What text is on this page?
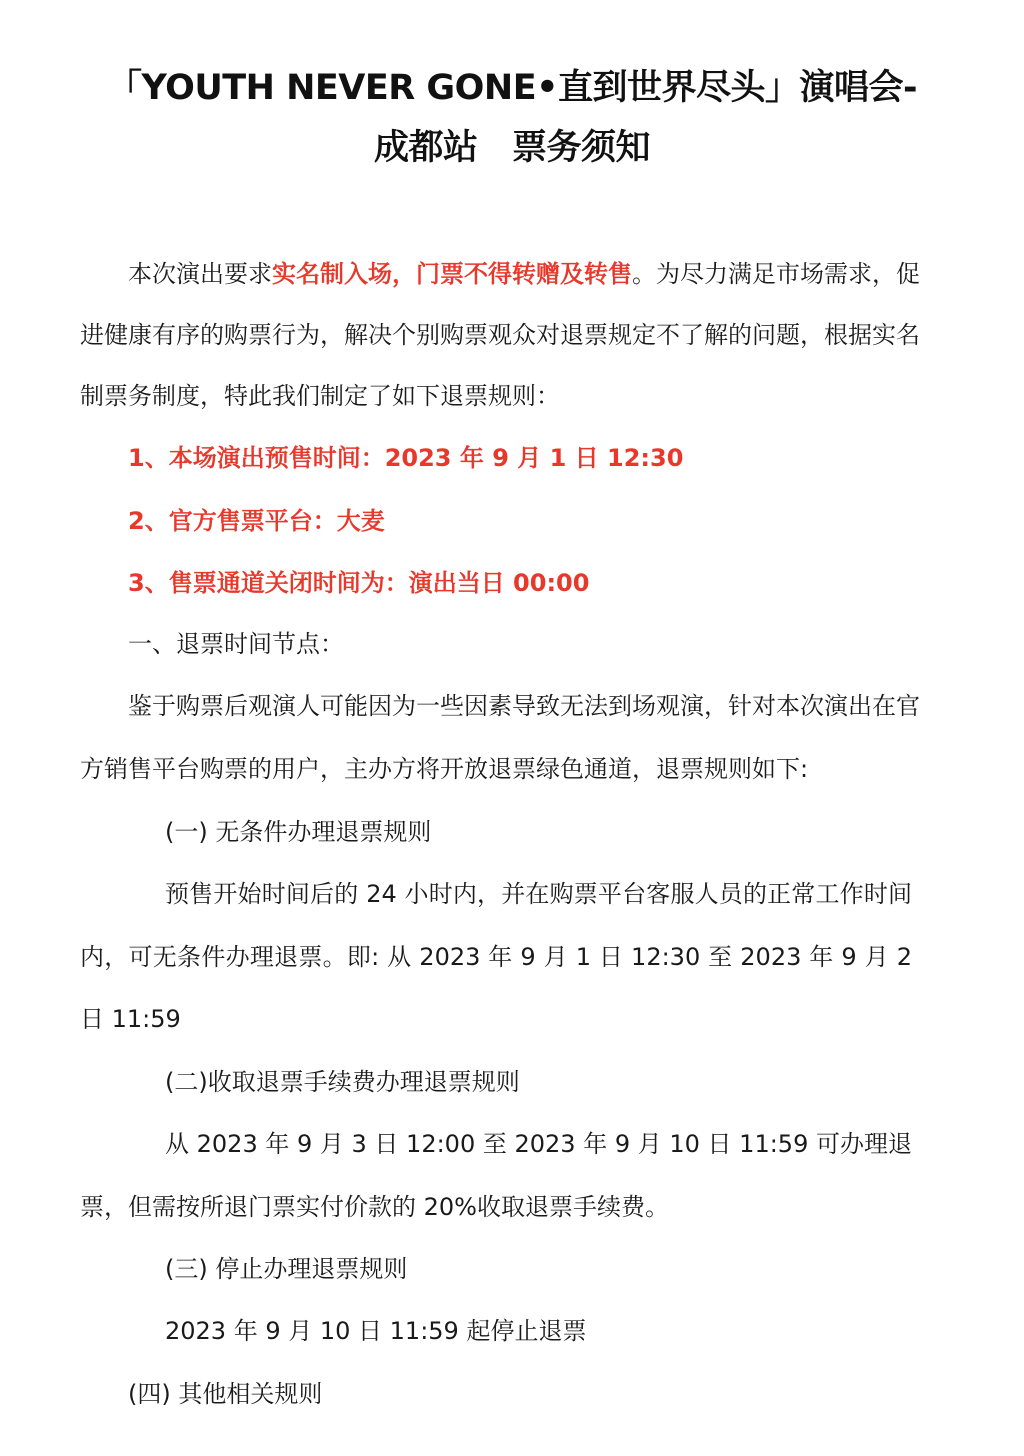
「YOUTH NEVER GONE•直到世界尽头」演唱会-
成都站　票务须知
本次演出要求实名制入场，门票不得转赠及转售。为尽力满足市场需求，促
进健康有序的购票行为，解决个别购票观众对退票规定不了解的问题，根据实名
制票务制度，特此我们制定了如下退票规则：
1、本场演出预售时间：2023 年 9 月 1 日 12:30
2、官方售票平台：大麦
3、售票通道关闭时间为：演出当日 00:00
一、退票时间节点：
鉴于购票后观演人可能因为一些因素导致无法到场观演，针对本次演出在官
方销售平台购票的用户，主办方将开放退票绿色通道，退票规则如下:
(一) 无条件办理退票规则
预售开始时间后的 24 小时内，并在购票平台客服人员的正常工作时间
内，可无条件办理退票。即: 从 2023 年 9 月 1 日 12:30 至 2023 年 9 月 2
日 11:59
(二)收取退票手续费办理退票规则
从 2023 年 9 月 3 日 12:00 至 2023 年 9 月 10 日 11:59 可办理退
票，但需按所退门票实付价款的 20%收取退票手续费。
(三) 停止办理退票规则
2023 年 9 月 10 日 11:59 起停止退票
(四) 其他相关规则
